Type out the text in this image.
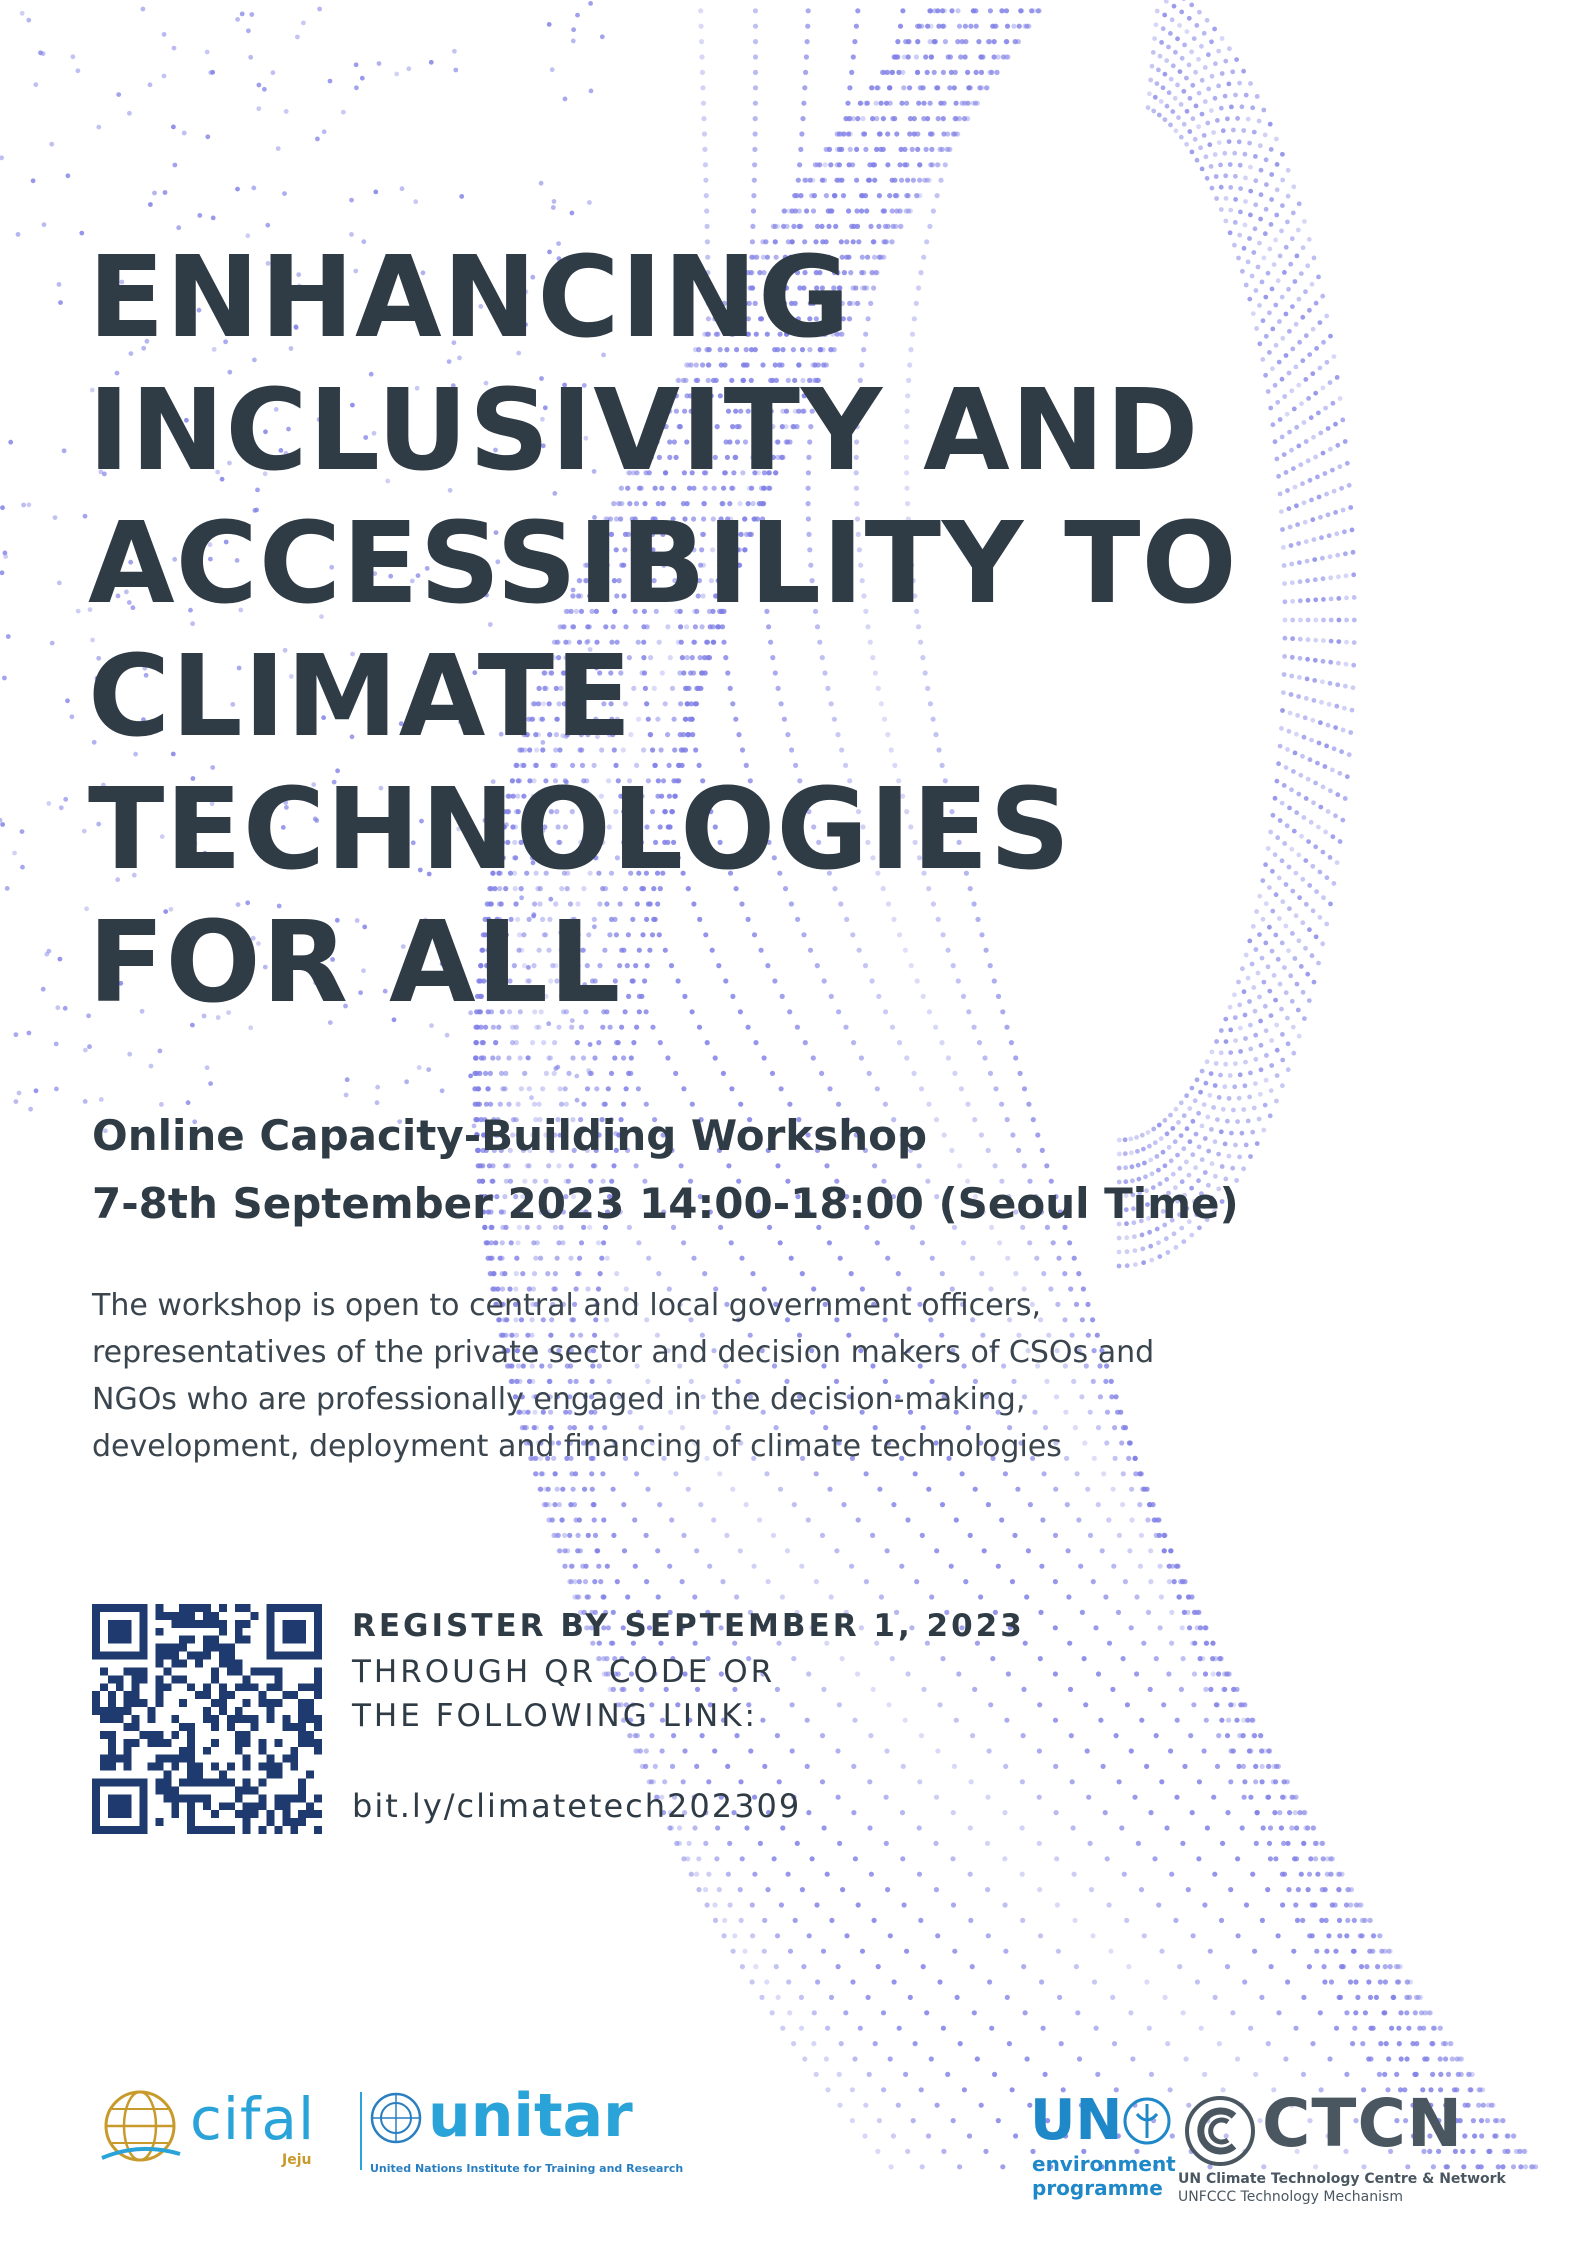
ENHANCING
INCLUSIVITY AND
ACCESSIBILITY TO
CLIMATE
TECHNOLOGIES
FOR ALL
Online Capacity-Building Workshop
7-8th September 2023 14:00-18:00 (Seoul Time)
The workshop is open to central and local government officers,
representatives of the private sector and decision makers of CSOs and
NGOs who are professionally engaged in the decision-making,
development, deployment and financing of climate technologies
REGISTER BY SEPTEMBER 1, 2023
THROUGH QR CODE OR
THE FOLLOWING LINK:
bit.ly/climatetech202309
cifal
Jeju
unitar
United Nations Institute for Training and Research
UN
environment
programme
CTCN
UN Climate Technology Centre & Network
UNFCCC Technology Mechanism
